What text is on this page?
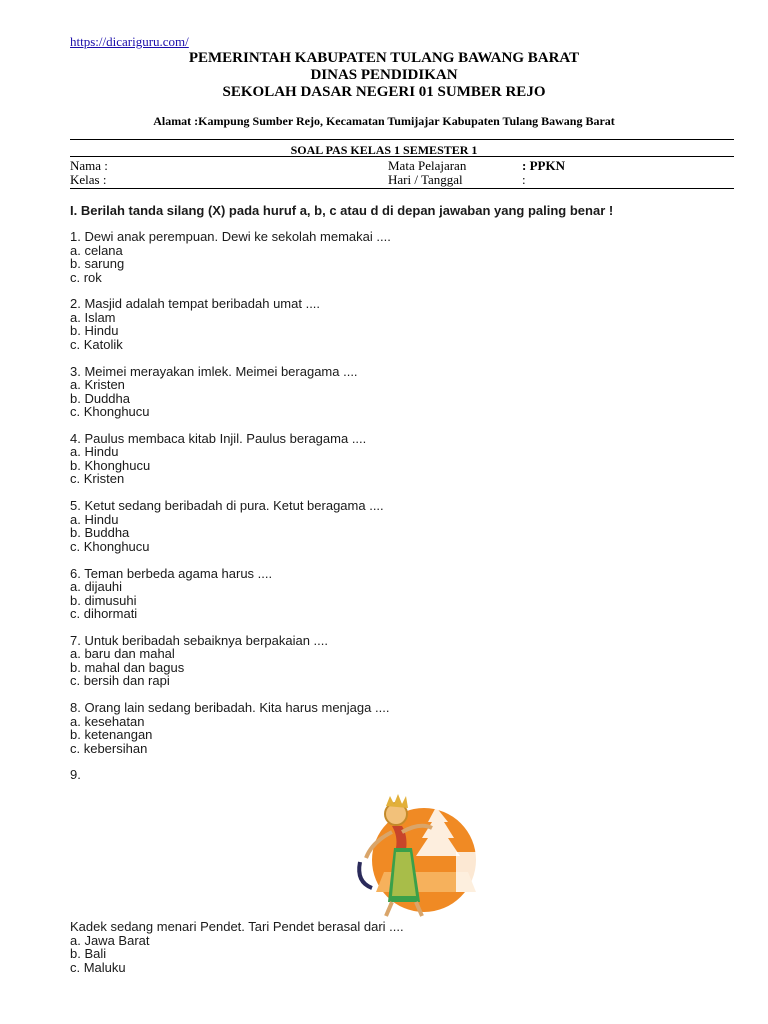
https://dicariguru.com/
PEMERINTAH KABUPATEN TULANG BAWANG BARAT
DINAS PENDIDIKAN
SEKOLAH DASAR NEGERI 01 SUMBER REJO
Alamat :Kampung Sumber Rejo, Kecamatan Tumijajar Kabupaten Tulang Bawang Barat
SOAL PAS KELAS 1 SEMESTER 1
Nama :
Kelas :
Mata Pelajaran	: PPKN
Hari / Tanggal	:
I. Berilah tanda silang (X) pada huruf a, b, c atau d di depan jawaban yang paling benar !
1. Dewi anak perempuan. Dewi ke sekolah memakai ....
a. celana
b. sarung
c. rok
2. Masjid adalah tempat beribadah umat ....
a. Islam
b. Hindu
c. Katolik
3. Meimei merayakan imlek. Meimei beragama ....
a. Kristen
b. Duddha
c. Khonghucu
4. Paulus membaca kitab Injil. Paulus beragama ....
a. Hindu
b. Khonghucu
c. Kristen
5. Ketut sedang beribadah di pura. Ketut beragama ....
a. Hindu
b. Buddha
c. Khonghucu
6. Teman berbeda agama harus ....
a. dijauhi
b. dimusuhi
c. dihormati
7. Untuk beribadah sebaiknya berpakaian ....
a. baru dan mahal
b. mahal dan bagus
c. bersih dan rapi
8. Orang lain sedang beribadah. Kita harus menjaga ....
a. kesehatan
b. ketenangan
c. kebersihan
9.
Kadek sedang menari Pendet. Tari Pendet berasal dari ....
a. Jawa Barat
b. Bali
c. Maluku
